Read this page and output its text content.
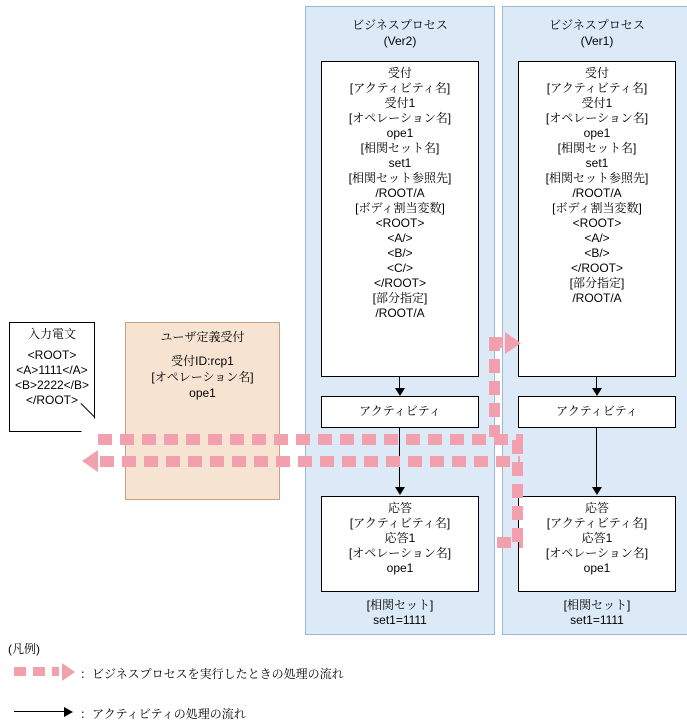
ビジネスプロセス
(Ver2)
受付
[アクティビティ名]
受付1
[オペレーション名]
ope1
[相関セット名]
set1
[相関セット参照先]
/ROOT/A
[ボディ割当変数]
<ROOT>
<A/>
<B/>
<C/>
</ROOT>
[部分指定]
/ROOT/A
アクティビティ
応答
[アクティビティ名]
応答1
[オペレーション名]
ope1
[相関セット]
set1=1111
ビジネスプロセス
(Ver1)
受付
[アクティビティ名]
受付1
[オペレーション名]
ope1
[相関セット名]
set1
[相関セット参照先]
/ROOT/A
[ボディ割当変数]
<ROOT>
<A/>
<B/>
</ROOT>
[部分指定]
/ROOT/A
アクティビティ
応答
[アクティビティ名]
応答1
[オペレーション名]
ope1
[相関セット]
set1=1111
入力電文
<ROOT>
<A>1111</A>
<B>2222</B>
</ROOT>
ユーザ定義受付
受付ID:rcp1
[オペレーション名]
ope1
(凡例)
：ビジネスプロセスを実行したときの処理の流れ
：アクティビティの処理の流れ
